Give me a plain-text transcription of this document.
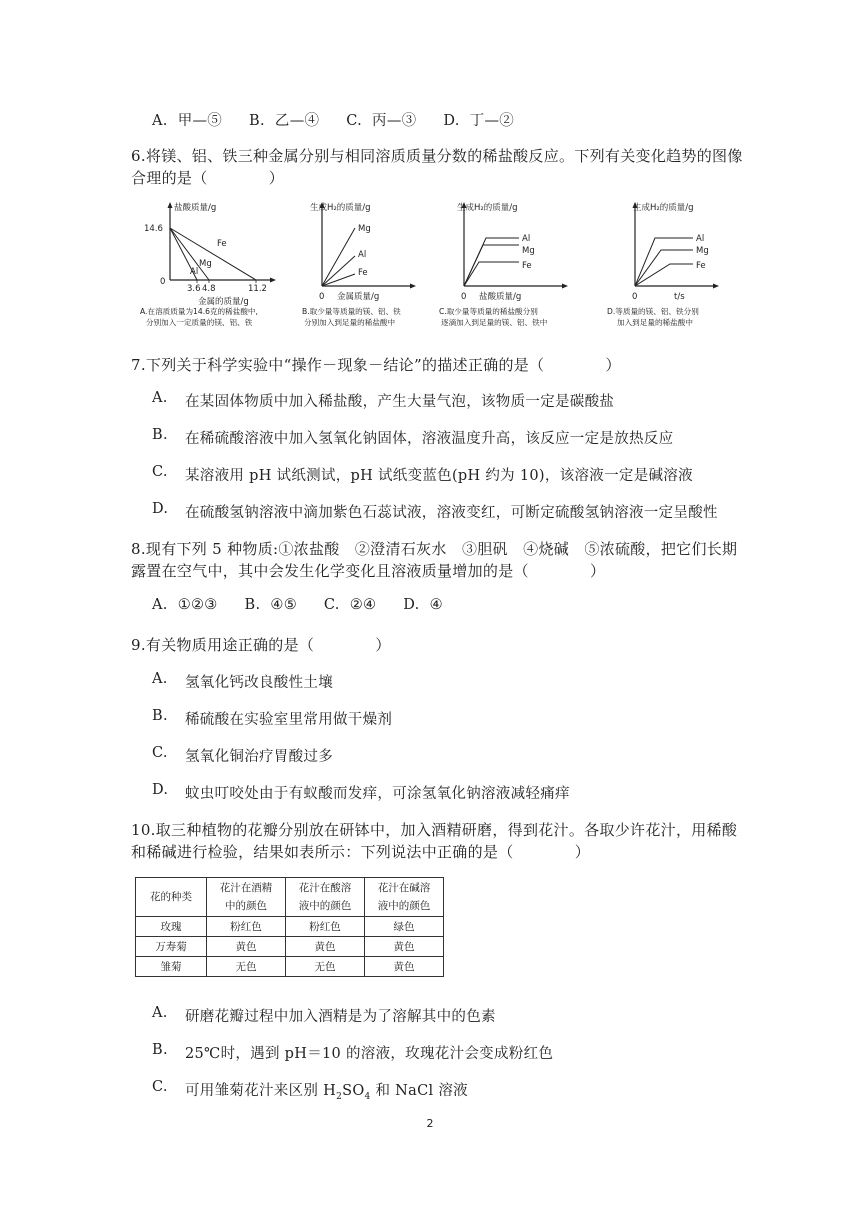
A. 甲—⑤ B. 乙—④ C. 丙—③ D. 丁—②
6.将镁、铝、铁三种金属分别与相同溶质质量分数的稀盐酸反应。下列有关变化趋势的图像
合理的是（　　　　）
盐酸质量/g
14.6
0
3.6 4.8	11.2
金属的质量/g
Al
Mg
Fe
A.在溶质质量为14.6克的稀盐酸中,
分别加入一定质量的镁、铝、铁
生成H₂的质量/g
Mg
Al
Fe
0 金属质量/g
B.取少量等质量的镁、铝、铁
分别加入到足量的稀盐酸中
生成H₂的质量/g
Al
Mg
Fe
0 盐酸质量/g
C.取少量等质量的稀盐酸分别
逐滴加入到足量的镁、铝、铁中
生成H₂的质量/g
Al
Mg
Fe
0	t/s
D.等质量的镁、铝、铁分别
加入到足量的稀盐酸中
7.下列关于科学实验中“操作－现象－结论”的描述正确的是（　　　　）
A. 在某固体物质中加入稀盐酸，产生大量气泡，该物质一定是碳酸盐
B. 在稀硫酸溶液中加入氢氧化钠固体，溶液温度升高，该反应一定是放热反应
C. 某溶液用 pH 试纸测试，pH 试纸变蓝色(pH 约为 10)，该溶液一定是碱溶液
D. 在硫酸氢钠溶液中滴加紫色石蕊试液，溶液变红，可断定硫酸氢钠溶液一定呈酸性
8.现有下列 5 种物质:①浓盐酸　②澄清石灰水　③胆矾　④烧碱　⑤浓硫酸，把它们长期
露置在空气中，其中会发生化学变化且溶液质量增加的是（　　　　）
A. ①②③ B. ④⑤ C. ②④ D. ④
9.有关物质用途正确的是（　　　　）
A. 氢氧化钙改良酸性土壤
B. 稀硫酸在实验室里常用做干燥剂
C. 氢氧化铜治疗胃酸过多
D. 蚊虫叮咬处由于有蚁酸而发痒，可涂氢氧化钠溶液减轻痛痒
10.取三种植物的花瓣分别放在研钵中，加入酒精研磨，得到花汁。各取少许花汁，用稀酸
和稀碱进行检验，结果如表所示：下列说法中正确的是（　　　　）
花的种类	花汁在酒精
中的颜色	花汁在酸溶
液中的颜色	花汁在碱溶
液中的颜色
玫瑰	粉红色	粉红色	绿色
万寿菊	黄色	黄色	黄色
雏菊	无色	无色	黄色
A. 研磨花瓣过程中加入酒精是为了溶解其中的色素
B. 25℃时，遇到 pH＝10 的溶液，玫瑰花汁会变成粉红色
C. 可用雏菊花汁来区别 $H_2SO_4$ 和 NaCl 溶液
2
